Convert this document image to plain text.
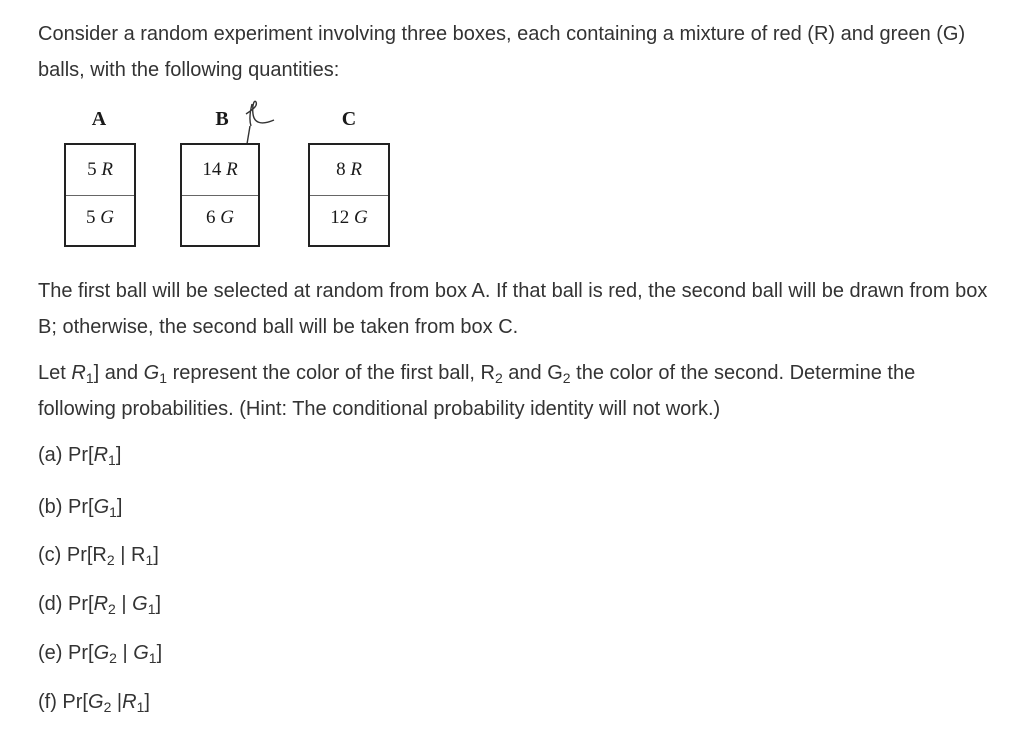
Consider a random experiment involving three boxes, each containing a mixture of red (R) and green (G) balls, with the following quantities:

A
5 R
5 G
B
14 R
6 G
C
8 R
12 G

The first ball will be selected at random from box A. If that ball is red, the second ball will be drawn from box B; otherwise, the second ball will be taken from box C.

Let $R_1$] and $G_1$ represent the color of the first ball, $R_2$ and $G_2$ the color of the second. Determine the following probabilities. (Hint: The conditional probability identity will not work.)

(a) $Pr[R_1]$

(b) $Pr[G_1]$

(c) $Pr[R_2$ | $R_1$]

(d) $Pr[R_2$ | $G_1$]

(e) $Pr[G_2$ | $G_1$]

(f) $Pr[G_2$ $|R_1$]
